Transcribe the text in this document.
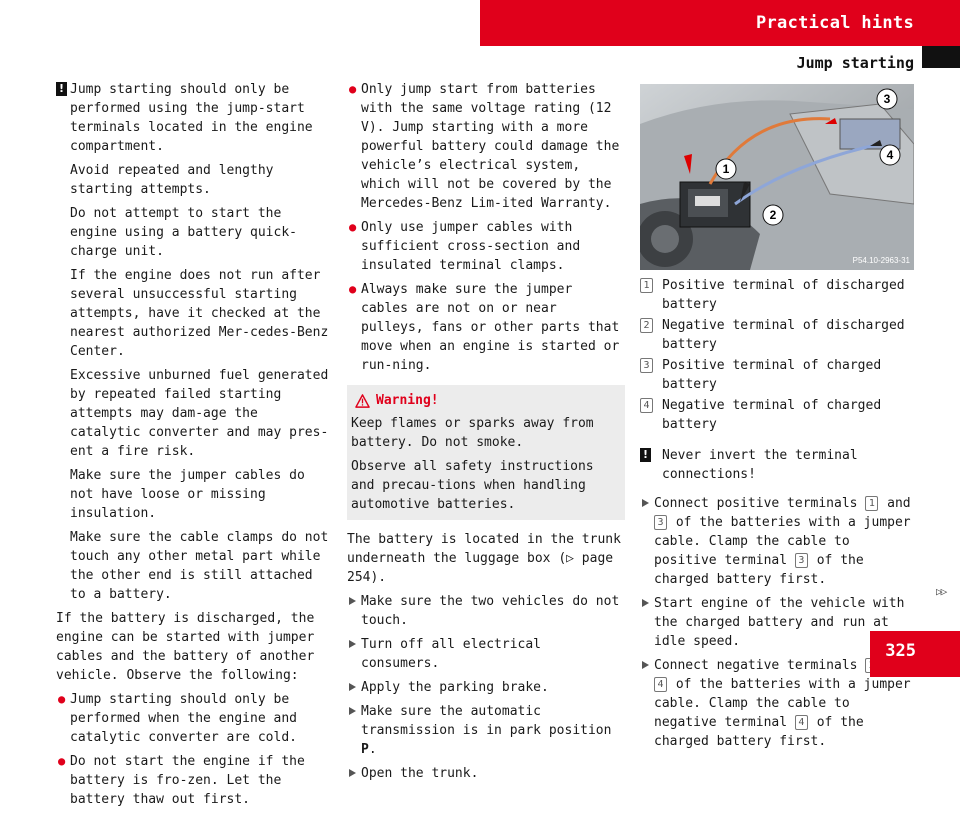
Practical hints
Jump starting
! Jump starting should only be performed using the jump-start terminals located in the engine compartment.

Avoid repeated and lengthy starting attempts.

Do not attempt to start the engine using a battery quick-charge unit.

If the engine does not run after several unsuccessful starting attempts, have it checked at the nearest authorized Mer-cedes-Benz Center.

Excessive unburned fuel generated by repeated failed starting attempts may dam-age the catalytic converter and may pres-ent a fire risk.

Make sure the jumper cables do not have loose or missing insulation.

Make sure the cable clamps do not touch any other metal part while the other end is still attached to a battery.

If the battery is discharged, the engine can be started with jumper cables and the battery of another vehicle. Observe the following:

● Jump starting should only be performed when the engine and catalytic converter are cold.
● Do not start the engine if the battery is fro-zen. Let the battery thaw out first.
● Only jump start from batteries with the same voltage rating (12 V). Jump starting with a more powerful battery could damage the vehicle’s electrical system, which will not be covered by the Mercedes-Benz Lim-ited Warranty.
● Only use jumper cables with sufficient cross-section and insulated terminal clamps.
● Always make sure the jumper cables are not on or near pulleys, fans or other parts that move when an engine is started or run-ning.
Warning!

Keep flames or sparks away from battery. Do not smoke.

Observe all safety instructions and precau-tions when handling automotive batteries.

The battery is located in the trunk underneath the luggage box (▷ page 254).

Make sure the two vehicles do not touch.
Turn off all electrical consumers.
Apply the parking brake.
Make sure the automatic transmission is in park position P.
Open the trunk.
1
2
3
4
P54.10-2963-31
1 Positive terminal of discharged battery
2 Negative terminal of discharged battery
3 Positive terminal of charged battery
4 Negative terminal of charged battery
! Never invert the terminal connections!
Connect positive terminals 1 and 3 of the batteries with a jumper cable. Clamp the cable to positive terminal 3 of the charged battery first.
Start engine of the vehicle with the charged battery and run at idle speed.
Connect negative terminals 4 of the batteries with a jumper cable. Clamp the cable to negative terminal 4 of the charged battery first.
▷▷
325
